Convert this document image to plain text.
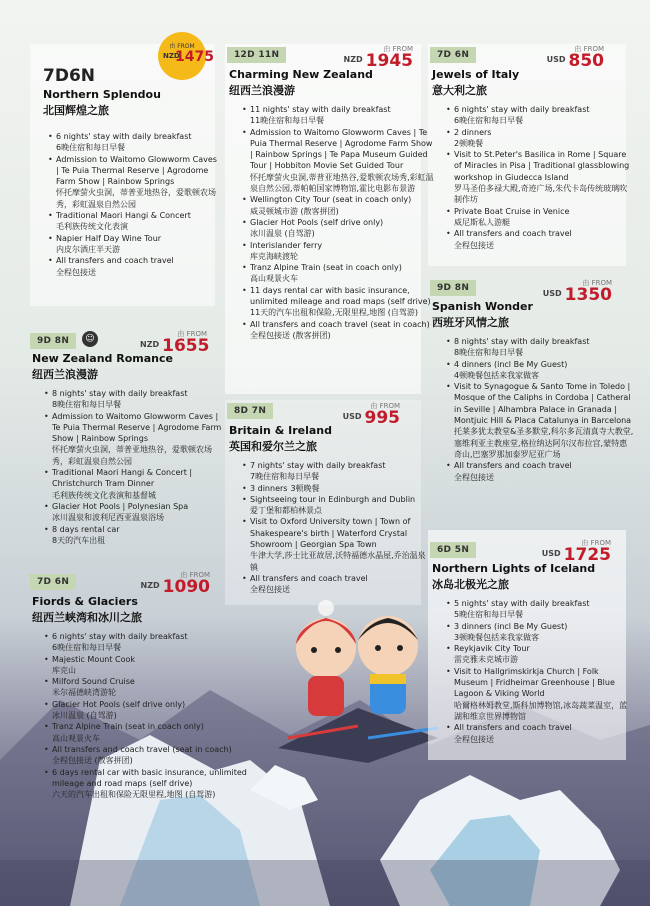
由 FROM
NZD
1475
7D6N
Northern Splendou
北国辉煌之旅
• 6 nights' stay with daily breakfast
6晚住宿和每日早餐
• Admission to Waitomo Glowworm Caves | Te Puia Thermal Reserve | Agrodome Farm Show | Rainbow Springs
怀托摩萤火虫洞，蒂普亚地热谷，爱歌顿农场秀，彩虹温泉自然公园
• Traditional Maori Hangi & Concert
毛利族传统文化表演
• Napier Half Day Wine Tour
内皮尔酒庄半天游
• All transfers and coach travel
全程包接送
9D 8N	☺	由 FROM
$^{NZD}$ 1655
New Zealand Romance
纽西兰浪漫游
• 8 nights' stay with daily breakfast
8晚住宿和每日早餐
• Admission to Waitomo Glowworm Caves | Te Puia Thermal Reserve | Agrodome Farm Show | Rainbow Springs
怀托摩萤火虫洞，蒂普亚地热谷，爱歌顿农场秀，彩虹温泉自然公园
• Traditional Maori Hangi & Concert | Christchurch Tram Dinner
毛利族传统文化表演和基督城
• Glacier Hot Pools | Polynesian Spa
冰川温泉和波利尼西亚温泉浴场
• 8 days rental car
8天的汽车出租
7D 6N
由 FROM
$^{NZD}$ 1090
Fiords & Glaciers
纽西兰峡湾和冰川之旅
• 6 nights' stay with daily breakfast
6晚住宿和每日早餐
• Majestic Mount Cook
库克山
• Milford Sound Cruise
米尔福德峡湾游轮
• Glacier Hot Pools (self drive only)
冰川温泉 (自驾游)
• Tranz Alpine Train (seat in coach only)
高山观景火车
• All transfers and coach travel (seat in coach)
全程包接送 (散客拼团)
• 6 days rental car with basic insurance, unlimited mileage and road maps (self drive)
六天的汽车出租和保险无限里程,地图 (自驾游)
12D 11N
由 FROM
$^{NZD}$ 1945
Charming New Zealand
纽西兰浪漫游
• 11 nights' stay with daily breakfast
11晚住宿和每日早餐
• Admission to Waitomo Glowworm Caves | Te Puia Thermal Reserve | Agrodome Farm Show | Rainbow Springs | Te Papa Museum Guided Tour | Hobbiton Movie Set Guided Tour
怀托摩萤火虫洞,蒂普亚地热谷,爱歌顿农场秀,彩虹温泉自然公园,蒂帕帕国家博物馆,霍比电影布景游
• Wellington City Tour (seat in coach only)
威灵顿城市游 (散客拼团)
• Glacier Hot Pools (self drive only)
冰川温泉 (自驾游)
• Interislander ferry
库克海峡渡轮
• Tranz Alpine Train (seat in coach only)
高山观景火车
• 11 days rental car with basic insurance, unlimited mileage and road maps (self drive)
11天的汽车出租和保险,无限里程,地图 (自驾游)
• All transfers and coach travel (seat in coach)
全程包接送 (散客拼团)
8D 7N	由 FROM
$^{USD}$ 995
Britain & Ireland
英国和爱尔兰之旅
• 7 nights' stay with daily breakfast
7晚住宿和每日早餐
• 3 dinners 3顿晚餐
• Sightseeing tour in Edinburgh and Dublin
爱丁堡和都柏林景点
• Visit to Oxford University town | Town of Shakespeare's birth | Waterford Crystal Showroom | Georgian Spa Town
牛津大学,莎士比亚故居,沃特福德水晶屋,乔治温泉镇
• All transfers and coach travel
全程包接送
7D 6N
由 FROM
$^{USD}$ 850
Jewels of Italy
意大利之旅
• 6 nights' stay with daily breakfast
6晚住宿和每日早餐
• 2 dinners
2顿晚餐
• Visit to St.Peter's Basilica in Rome | Square of Miracles in Pisa | Traditional glassblowing workshop in Giudecca Island
罗马圣伯多禄大殿,奇迹广场,朱代卡岛传统玻璃吹制作坊
• Private Boat Cruise in Venice
威尼斯私人游艇
• All transfers and coach travel
全程包接送
9D 8N	由 FROM
$^{USD}$ 1350
Spanish Wonder
西班牙风情之旅
• 8 nights' stay with daily breakfast
8晚住宿和每日早餐
• 4 dinners (incl Be My Guest)
4顿晚餐包括来我家做客
• Visit to Synagogue & Santo Tome in Toledo | Mosque of the Caliphs in Cordoba | Catheral in Seville | Alhambra Palace in Granada | Montjuic Hill & Placa Catalunya in Barcelona
托莱多犹太教堂&圣多默堂,科尔多瓦清真寺大教堂,塞维利亚主教座堂,格拉纳达阿尔汉布拉宫,蒙特惠奇山,巴塞罗那加泰罗尼亚广场
• All transfers and coach travel
全程包接送
6D 5N
由 FROM
$^{USD}$ 1725
Northern Lights of Iceland
冰岛北极光之旅
• 5 nights' stay with daily breakfast
5晚住宿和每日早餐
• 3 dinners (incl Be My Guest)
3顿晚餐包括来我家做客
• Reykjavik City Tour
雷克雅未克城市游
• Visit to Hallgrimskirkja Church | Folk Museum | Fridheimar Greenhouse | Blue Lagoon & Viking World
哈爾格林姆教堂,斯科加博物馆,冰岛蔬菜温室，蓝湖和维京世界博物馆
• All transfers and coach travel
全程包接送
